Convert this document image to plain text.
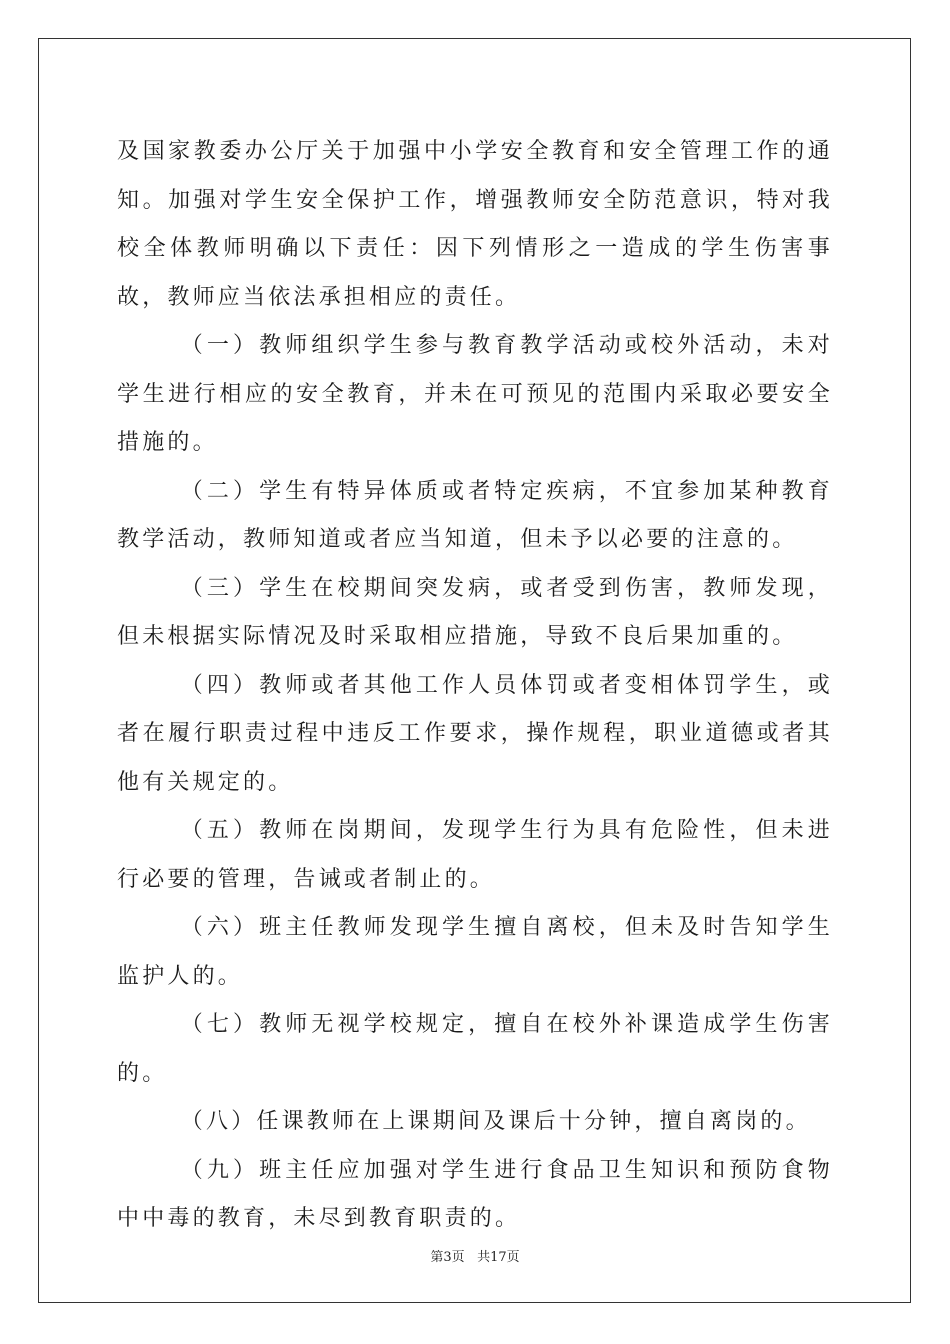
及国家教委办公厅关于加强中小学安全教育和安全管理工作的通知。加强对学生安全保护工作，增强教师安全防范意识，特对我校全体教师明确以下责任：因下列情形之一造成的学生伤害事故，教师应当依法承担相应的责任。

（一）教师组织学生参与教育教学活动或校外活动，未对学生进行相应的安全教育，并未在可预见的范围内采取必要安全措施的。

（二）学生有特异体质或者特定疾病，不宜参加某种教育教学活动，教师知道或者应当知道，但未予以必要的注意的。

（三）学生在校期间突发病，或者受到伤害，教师发现，但未根据实际情况及时采取相应措施，导致不良后果加重的。

（四）教师或者其他工作人员体罚或者变相体罚学生，或者在履行职责过程中违反工作要求，操作规程，职业道德或者其他有关规定的。

（五）教师在岗期间，发现学生行为具有危险性，但未进行必要的管理，告诫或者制止的。

（六）班主任教师发现学生擅自离校，但未及时告知学生监护人的。

（七）教师无视学校规定，擅自在校外补课造成学生伤害的。

（八）任课教师在上课期间及课后十分钟，擅自离岗的。

（九）班主任应加强对学生进行食品卫生知识和预防食物中中毒的教育，未尽到教育职责的。

第3页 共17页
